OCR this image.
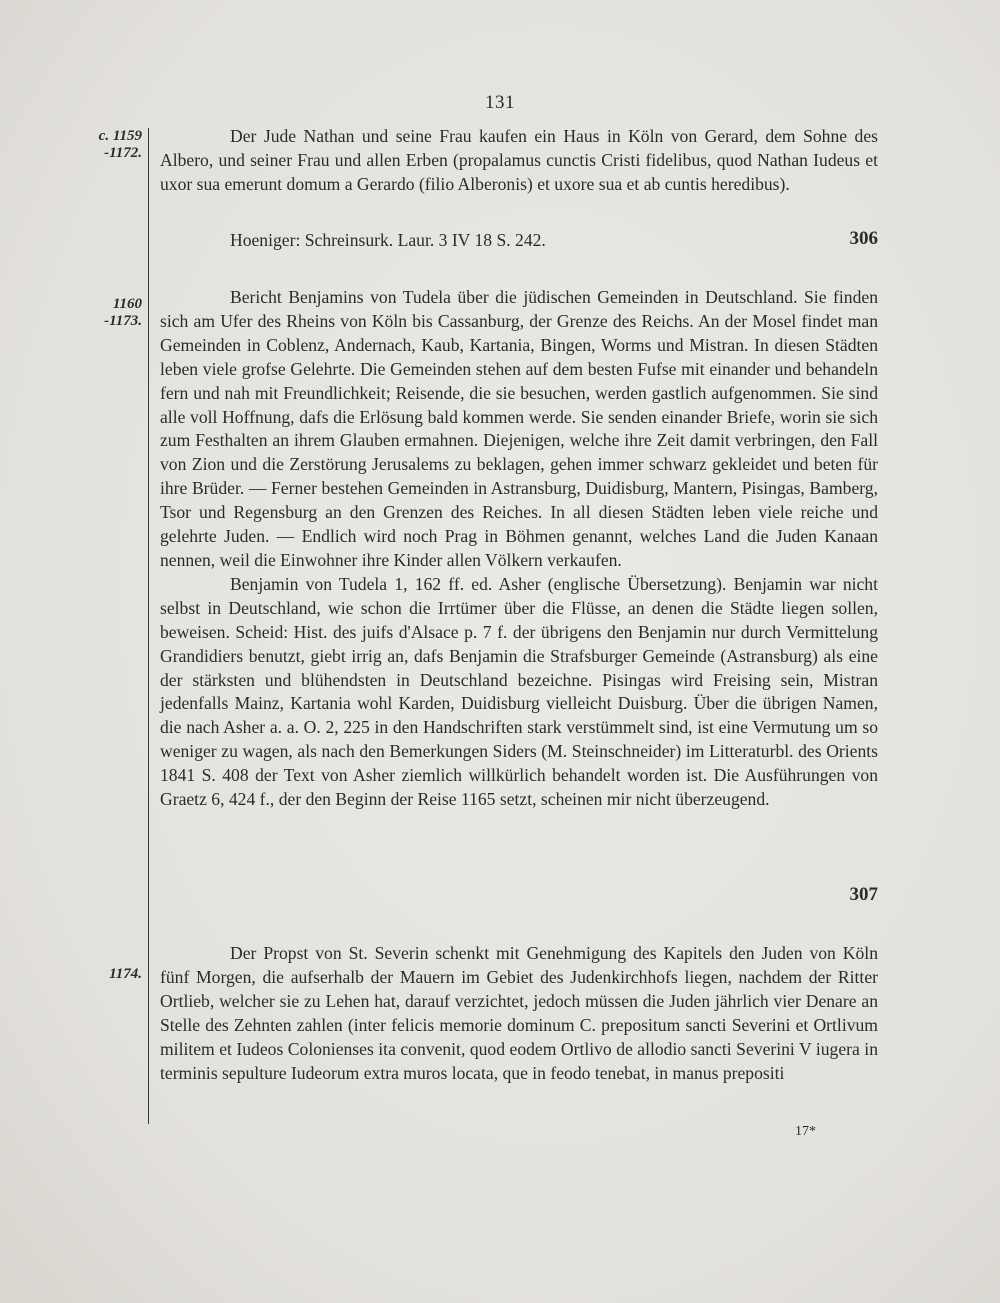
131
c. 1159
-1172.

Der Jude Nathan und seine Frau kaufen ein Haus in Köln von Gerard, dem Sohne des Albero, und seiner Frau und allen Erben (propalamus cunctis Cristi fidelibus, quod Nathan Iudeus et uxor sua emerunt domum a Gerardo (filio Alberonis) et uxore sua et ab cuntis heredibus).

Hoeniger: Schreinsurk. Laur. 3 IV 18 S. 242.	306
1160
-1173.

Bericht Benjamins von Tudela über die jüdischen Gemeinden in Deutschland. Sie finden sich am Ufer des Rheins von Köln bis Cassanburg, der Grenze des Reichs. An der Mosel findet man Gemeinden in Coblenz, Andernach, Kaub, Kartania, Bingen, Worms und Mistran. In diesen Städten leben viele grofse Gelehrte. Die Gemeinden stehen auf dem besten Fufse mit einander und behandeln fern und nah mit Freundlichkeit; Reisende, die sie besuchen, werden gastlich aufgenommen. Sie sind alle voll Hoffnung, dafs die Erlösung bald kommen werde. Sie senden einander Briefe, worin sie sich zum Festhalten an ihrem Glauben ermahnen. Diejenigen, welche ihre Zeit damit verbringen, den Fall von Zion und die Zerstörung Jerusalems zu beklagen, gehen immer schwarz gekleidet und beten für ihre Brüder. — Ferner bestehen Gemeinden in Astransburg, Duidisburg, Mantern, Pisingas, Bamberg, Tsor und Regensburg an den Grenzen des Reiches. In all diesen Städten leben viele reiche und gelehrte Juden. — Endlich wird noch Prag in Böhmen genannt, welches Land die Juden Kanaan nennen, weil die Einwohner ihre Kinder allen Völkern verkaufen.

Benjamin von Tudela 1, 162 ff. ed. Asher (englische Übersetzung). Benjamin war nicht selbst in Deutschland, wie schon die Irrtümer über die Flüsse, an denen die Städte liegen sollen, beweisen. Scheid: Hist. des juifs d'Alsace p. 7 f. der übrigens den Benjamin nur durch Vermittelung Grandidiers benutzt, giebt irrig an, dafs Benjamin die Strafsburger Gemeinde (Astransburg) als eine der stärksten und blühendsten in Deutschland bezeichne. Pisingas wird Freising sein, Mistran jedenfalls Mainz, Kartania wohl Karden, Duidisburg vielleicht Duisburg. Über die übrigen Namen, die nach Asher a. a. O. 2, 225 in den Handschriften stark verstümmelt sind, ist eine Vermutung um so weniger zu wagen, als nach den Bemerkungen Siders (M. Steinschneider) im Litteraturbl. des Orients 1841 S. 408 der Text von Asher ziemlich willkürlich behandelt worden ist. Die Ausführungen von Graetz 6, 424 f., der den Beginn der Reise 1165 setzt, scheinen mir nicht überzeugend.

307
1174.

Der Propst von St. Severin schenkt mit Genehmigung des Kapitels den Juden von Köln fünf Morgen, die aufserhalb der Mauern im Gebiet des Judenkirchhofs liegen, nachdem der Ritter Ortlieb, welcher sie zu Lehen hat, darauf verzichtet, jedoch müssen die Juden jährlich vier Denare an Stelle des Zehnten zahlen (inter felicis memorie dominum C. prepositum sancti Severini et Ortlivum militem et Iudeos Colonienses ita convenit, quod eodem Ortlivo de allodio sancti Severini V iugera in terminis sepulture Iudeorum extra muros locata, que in feodo tenebat, in manus prepositi

17*
